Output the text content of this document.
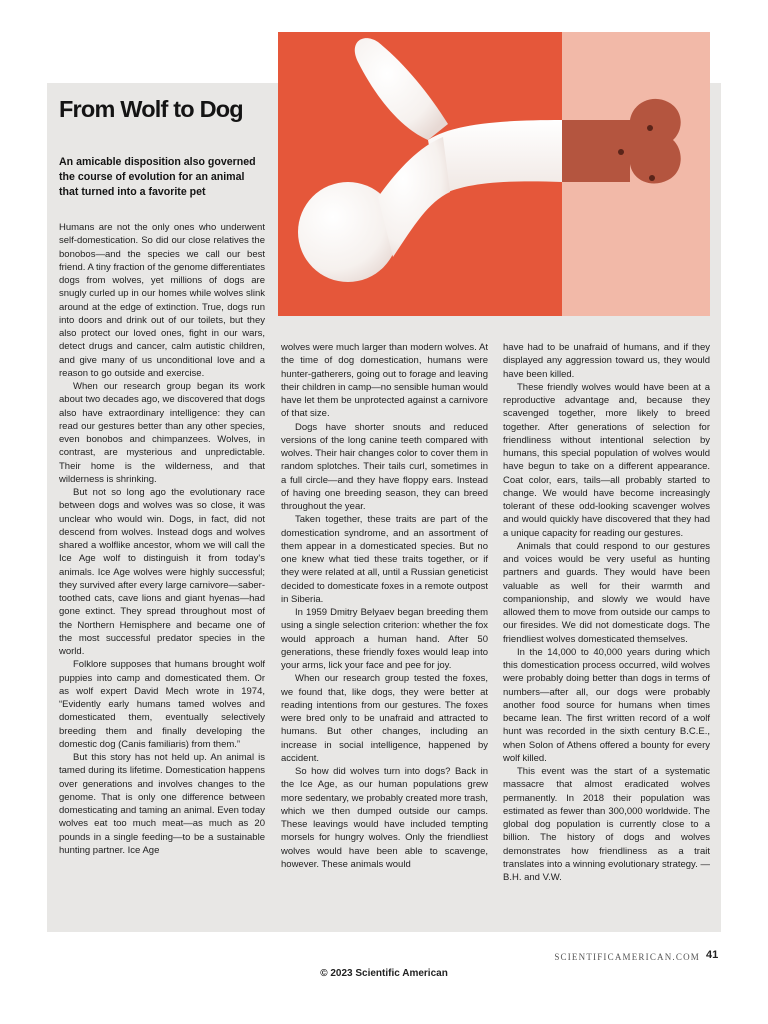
From Wolf to Dog

An amicable disposition also governed the course of evolution for an animal that turned into a favorite pet

Humans are not the only ones who underwent self-domestication. So did our close relatives the bonobos—and the species we call our best friend. A tiny fraction of the genome differentiates dogs from wolves, yet millions of dogs are snugly curled up in our homes while wolves slink around at the edge of extinction. True, dogs run into doors and drink out of our toilets, but they also protect our loved ones, fight in our wars, detect drugs and cancer, calm autistic children, and give many of us unconditional love and a reason to go outside and exercise.

When our research group began its work about two decades ago, we discovered that dogs also have extraordinary intelligence: they can read our gestures better than any other species, even bonobos and chimpanzees. Wolves, in contrast, are mysterious and unpredictable. Their home is the wilderness, and that wilderness is shrinking.

But not so long ago the evolutionary race between dogs and wolves was so close, it was unclear who would win. Dogs, in fact, did not descend from wolves. Instead dogs and wolves shared a wolflike ancestor, whom we will call the Ice Age wolf to distinguish it from today's animals. Ice Age wolves were highly successful; they survived after every large carnivore—saber-toothed cats, cave lions and giant hyenas—had gone extinct. They spread throughout most of the Northern Hemisphere and became one of the most successful predator species in the world.

Folklore supposes that humans brought wolf puppies into camp and domesticated them. Or as wolf expert David Mech wrote in 1974, “Evidently early humans tamed wolves and domesticated them, eventually selectively breeding them and finally developing the domestic dog (Canis familiaris) from them.”

But this story has not held up. An animal is tamed during its lifetime. Domestication happens over generations and involves changes to the genome. That is only one difference between domesticating and taming an animal. Even today wolves eat too much meat—as much as 20 pounds in a single feeding—to be a sustainable hunting partner. Ice Age

wolves were much larger than modern wolves. At the time of dog domestication, humans were hunter-gatherers, going out to forage and leaving their children in camp—no sensible human would have let them be unprotected against a carnivore of that size.

Dogs have shorter snouts and reduced versions of the long canine teeth compared with wolves. Their hair changes color to cover them in random splotches. Their tails curl, sometimes in a full circle—and they have floppy ears. Instead of having one breeding season, they can breed throughout the year.

Taken together, these traits are part of the domestication syndrome, and an assortment of them appear in a domesticated species. But no one knew what tied these traits together, or if they were related at all, until a Russian geneticist decided to domesticate foxes in a remote outpost in Siberia.

In 1959 Dmitry Belyaev began breeding them using a single selection criterion: whether the fox would approach a human hand. After 50 generations, these friendly foxes would leap into your arms, lick your face and pee for joy.

When our research group tested the foxes, we found that, like dogs, they were better at reading intentions from our gestures. The foxes were bred only to be unafraid and attracted to humans. But other changes, including an increase in social intelligence, happened by accident.

So how did wolves turn into dogs? Back in the Ice Age, as our human populations grew more sedentary, we probably created more trash, which we then dumped outside our camps. These leavings would have included tempting morsels for hungry wolves. Only the friendliest wolves would have been able to scavenge, however. These animals would

have had to be unafraid of humans, and if they displayed any aggression toward us, they would have been killed.

These friendly wolves would have been at a reproductive advantage and, because they scavenged together, more likely to breed together. After generations of selection for friendliness without intentional selection by humans, this special population of wolves would have begun to take on a different appearance. Coat color, ears, tails—all probably started to change. We would have become increasingly tolerant of these odd-looking scavenger wolves and would quickly have discovered that they had a unique capacity for reading our gestures.

Animals that could respond to our gestures and voices would be very useful as hunting partners and guards. They would have been valuable as well for their warmth and companionship, and slowly we would have allowed them to move from outside our camps to our firesides. We did not domesticate dogs. The friendliest wolves domesticated themselves.

In the 14,000 to 40,000 years during which this domestication process occurred, wild wolves were probably doing better than dogs in terms of numbers—after all, our dogs were probably another food source for humans when times became lean. The first written record of a wolf hunt was recorded in the sixth century B.C.E., when Solon of Athens offered a bounty for every wolf killed.

This event was the start of a systematic massacre that almost eradicated wolves permanently. In 2018 their population was estimated as fewer than 300,000 worldwide. The global dog population is currently close to a billion. The history of dogs and wolves demonstrates how friendliness as a trait translates into a winning evolutionary strategy. —B.H. and V.W.

SCIENTIFICAMERICAN.COM 41
© 2023 Scientific American
